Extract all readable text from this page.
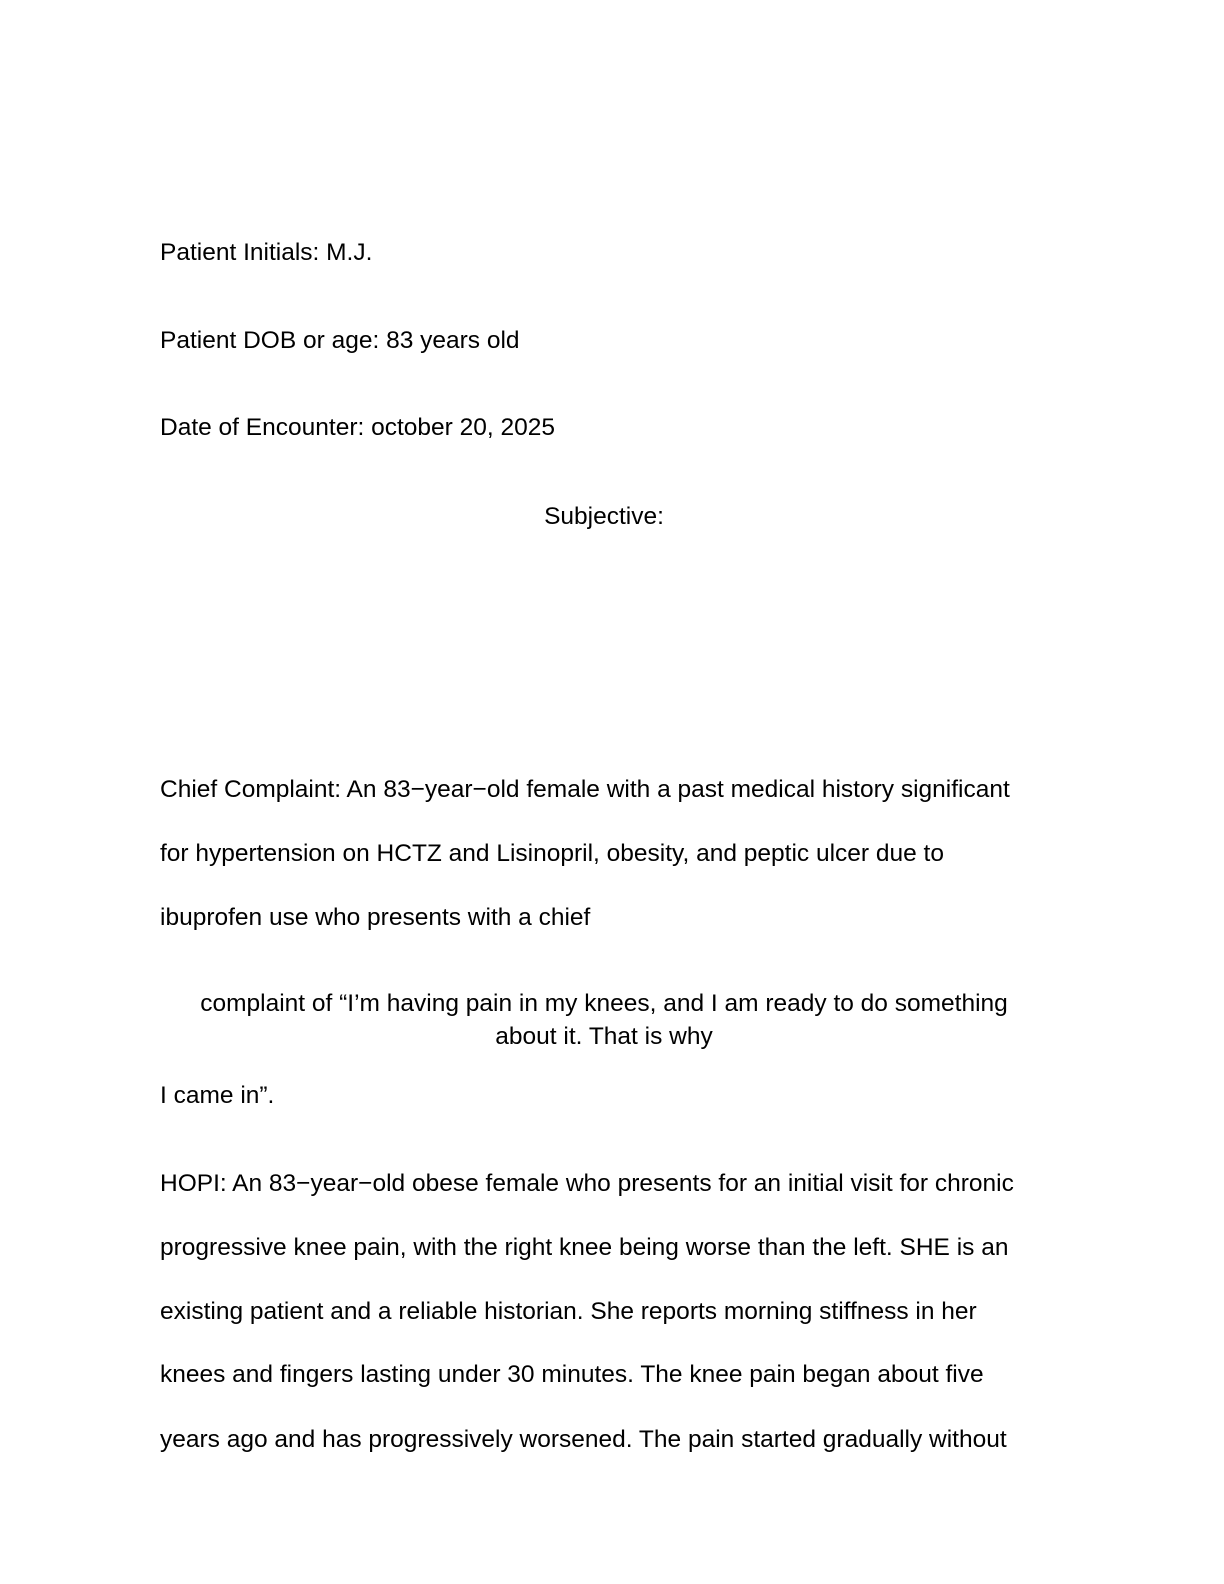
Patient Initials: M.J.

Patient DOB or age: 83 years old

Date of Encounter: october 20, 2025

Subjective:

Chief Complaint: An 83−year−old female with a past medical history significant

for hypertension on HCTZ and Lisinopril, obesity, and peptic ulcer due to

ibuprofen use who presents with a chief

complaint of “I’m having pain in my knees, and I am ready to do something

about it. That is why

I came in”.

HOPI: An 83−year−old obese female who presents for an initial visit for chronic

progressive knee pain, with the right knee being worse than the left. SHE is an

existing patient and a reliable historian. She reports morning stiffness in her

knees and fingers lasting under 30 minutes. The knee pain began about five

years ago and has progressively worsened. The pain started gradually without
